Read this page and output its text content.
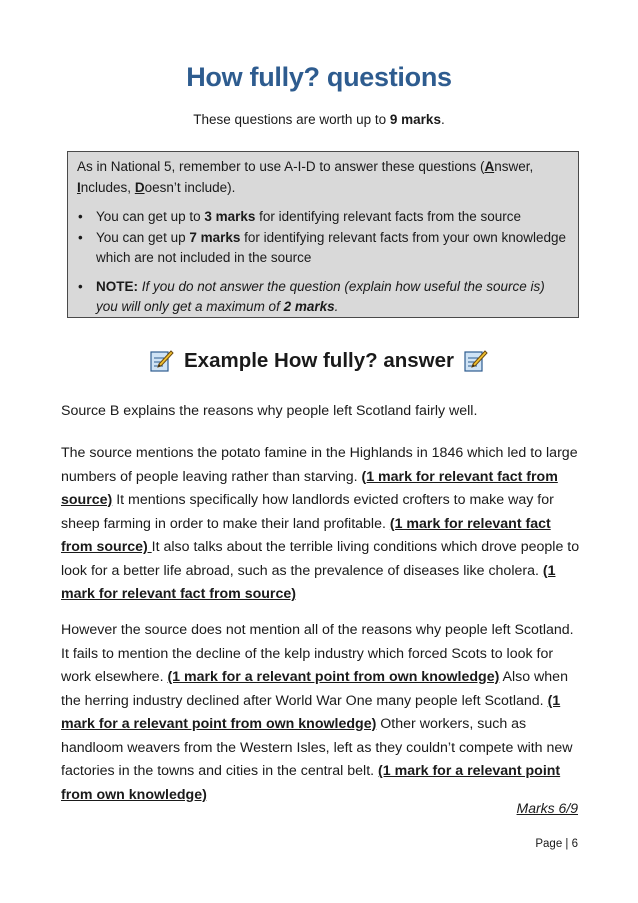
How fully? questions
These questions are worth up to 9 marks.

As in National 5, remember to use A-I-D to answer these questions (Answer, Includes, Doesn’t include).

• You can get up to 3 marks for identifying relevant facts from the source
• You can get up 7 marks for identifying relevant facts from your own knowledge which are not included in the source
• NOTE: If you do not answer the question (explain how useful the source is) you will only get a maximum of 2 marks.
Example How fully? answer

Source B explains the reasons why people left Scotland fairly well.

The source mentions the potato famine in the Highlands in 1846 which led to large numbers of people leaving rather than starving. (1 mark for relevant fact from source) It mentions specifically how landlords evicted crofters to make way for sheep farming in order to make their land profitable. (1 mark for relevant fact from source) It also talks about the terrible living conditions which drove people to look for a better life abroad, such as the prevalence of diseases like cholera. (1 mark for relevant fact from source)

However the source does not mention all of the reasons why people left Scotland. It fails to mention the decline of the kelp industry which forced Scots to look for work elsewhere. (1 mark for a relevant point from own knowledge) Also when the herring industry declined after World War One many people left Scotland. (1 mark for a relevant point from own knowledge) Other workers, such as handloom weavers from the Western Isles, left as they couldn’t compete with new factories in the towns and cities in the central belt. (1 mark for a relevant point from own knowledge)

Marks 6/9
Page | 6
